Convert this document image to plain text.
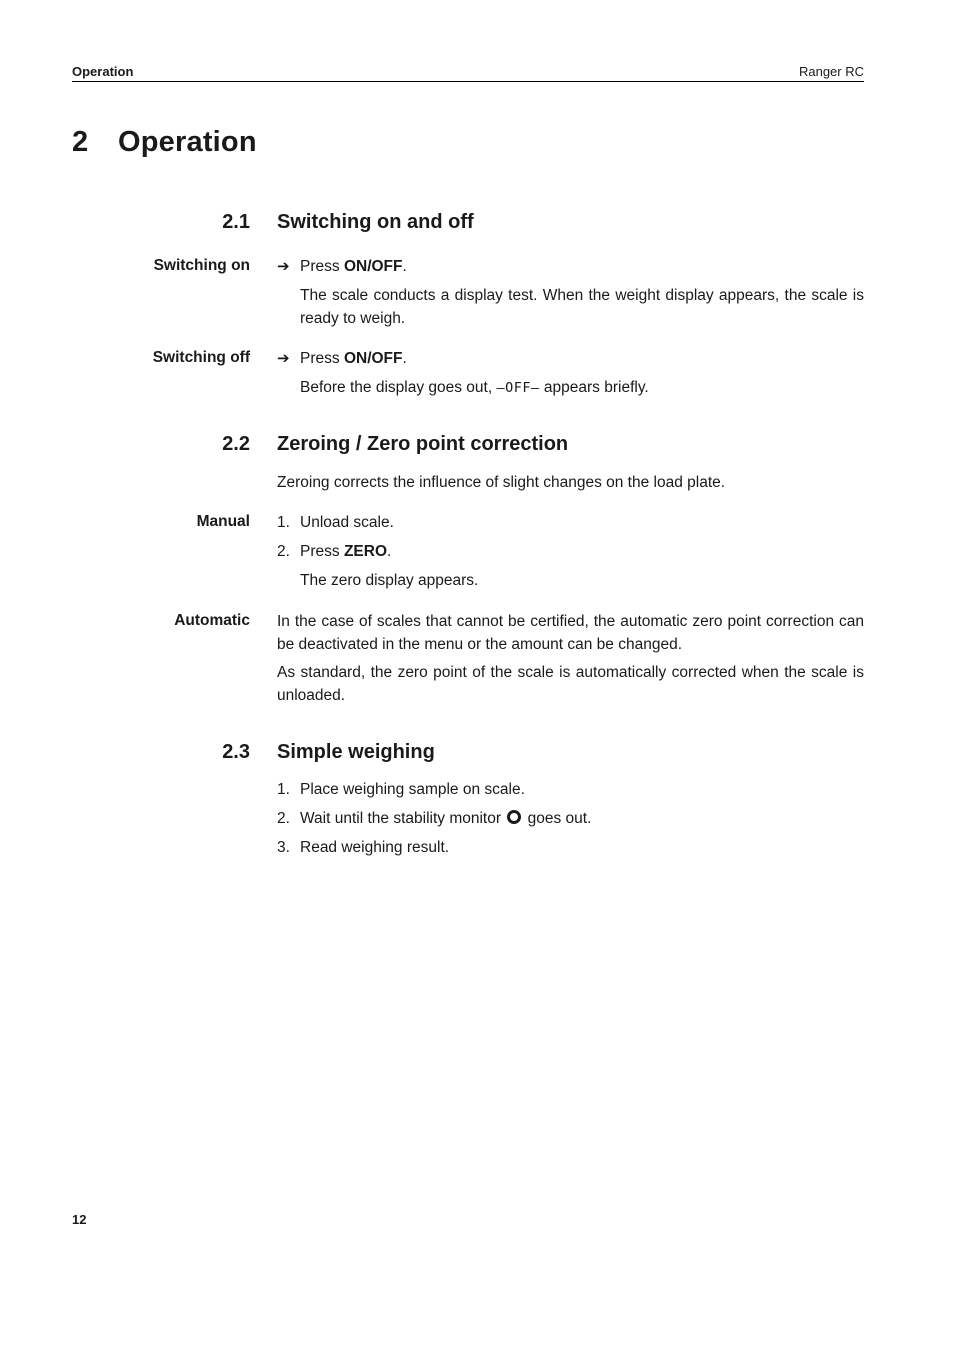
Operation	Ranger RC
2 Operation
2.1 Switching on and off
Switching on ➔ Press ON/OFF.
The scale conducts a display test. When the weight display appears, the scale is ready to weigh.
Switching off ➔ Press ON/OFF.
Before the display goes out, –OFF– appears briefly.
2.2 Zeroing / Zero point correction
Zeroing corrects the influence of slight changes on the load plate.
Manual 1. Unload scale.
2. Press ZERO.
The zero display appears.
Automatic In the case of scales that cannot be certified, the automatic zero point correction can be deactivated in the menu or the amount can be changed.
As standard, the zero point of the scale is automatically corrected when the scale is unloaded.
2.3 Simple weighing
1. Place weighing sample on scale.
2. Wait until the stability monitor  goes out.
3. Read weighing result.
12
